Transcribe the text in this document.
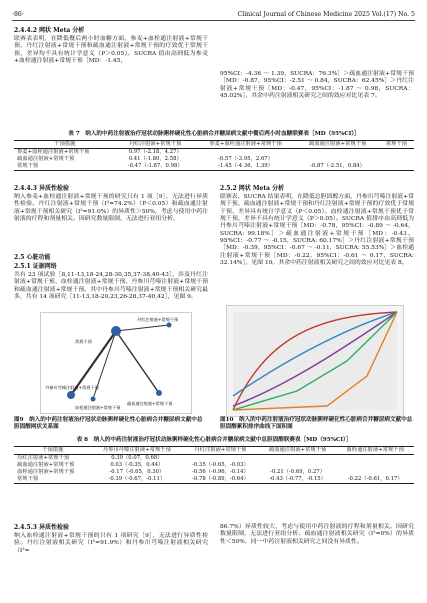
·86·	Clinical Journal of Chinese Medicine 2025 Vol.(17) No. 5

2.4.4.2 网状 Meta 分析

联赛表表明，在降低餐后两小时血糖方面，参麦+血栓通注射液+常规干预、丹红注射液+常规干预和疏血通注射液+常规干预的疗效优于常规干预，差异均不具有统计学意义（P＞0.05）。SUCRA 值由高到低为参麦+血栓通注射液+常规干预［MD：-1.45，

95%CI：-4.36 ～ 1.39，SUCRA：76.3%］＞疏血通注射液+常规干预［MD：-0.87，95%CI：-2.51 ～ 0.84，SUCRA：62.45%］＞丹红注射液+常规干预［MD：-0.47，95%CI：-1.87 ～ 0.98，SUCRA：45.02%］，其余中药注射液相关研究之间的效应对比见表 7。

表 7　纳入的中药注射液治疗冠状动脉粥样硬化性心脏病合并糖尿病文献中餐后两小时血糖联赛表［MD（95%CI）］

干预措施	丹红注射液+常规干预	参麦+血栓通注射液+常规干预	疏血通注射液+常规干预	常规干预
参麦+血栓通注射液+常规干预	0.97（-2.18，4.27）			
疏血通注射液+常规干预	0.41（-1.80，2.58）	-0.57（-3.95，2.67）		
常规干预	-0.47（-1.87，0.98）	-1.45（-4.36，1.39）	-0.87（-2.51，0.84）	

2.4.4.3 异质性检验

纳入参麦+血栓通注射液+常规干预的研究只有 1 项［9］，无法进行异质性检验。丹红注射液+常规干预（I²=74.2%）（P＜0.05）和疏血通注射液+常规干预相关研究（I²=91.0%）的异质性＞50%，考虑与使用中药注射液的疗程和剂量相关。因研究数量限制，无法进行亚组分析。

2.5 心脏功能

2.5.1 证据网络

共有 23 项试验［8,11-13,18-24,28-30,35,37-38,40-43］，涉及丹红注射液+常规干预、血栓通注射液+常规干预、丹参川芎嗪注射液+常规干预和疏血通注射液+常规干预。其中丹参川芎嗪注射液+常规干预相关研究最多，共有 14 项研究［11-13,18-20,23,26-28,37-40,42］，见图 9。

2.5.2 网状 Meta 分析

联赛表、SUCRA 结果表明，在降低总胆固醇方面，丹参川芎嗪注射液+常规干预、疏血通注射液+常规干预和丹红注射液+常规干预的疗效优于常规干预，差异具有统计学意义（P＜0.05）。血栓通注射液+常规干预优于常规干预，差异不具有统计学意义（P＞0.05）。SUCRA 值排序由高到低为丹参川芎嗪注射液+常规干预［MD：-0.78，95%CI：-0.89 ～ -0.64，SUCRA: 99.18%］＞疏血通注射液+常规干预［MD：-0.43，95%CI：-0.77 ～ -0.15，SUCRA: 60.17%］＞丹红注射液+常规干预［MD：-0.39，95%CI：-0.67 ～ -0.11，SUCRA: 55.53%］＞血栓通注射液+常规干预［MD：-0.22，95%CI：-0.61 ～ 0.17，SUCRA: 32.14%］，见图 10。其余中药注射液相关研究之间的效应对比见表 8。

丹红注射液+常规干预
常规干预
丹参川芎嗪注射液+常规干预
血栓通注射液+常规干预
疏血通注射液+常规干预

图9　纳入的中药注射液治疗冠状动脉粥样硬化性心脏病合并糖尿病文献中总胆固醇网状关系图

图10　纳入的中药注射液治疗冠状动脉粥样硬化性心脏病合并糖尿病文献中总胆固醇累积排序曲线下面积图

表 8　纳入的中药注射液治疗冠状动脉粥样硬化性心脏病合并糖尿病文献中总胆固醇联赛表［MD（95%CI）］

干预措施	丹参川芎嗪注射液+常规干预	丹红注射液+常规干预	疏血通注射液+常规干预	血栓通注射液+常规干预
丹红注射液+常规干预	0.39（0.07，0.68）			
疏血通注射液+常规干预	0.03（-0.35，0.44）	-0.35（-0.65，-0.03）		
血栓通注射液+常规干预	-0.17（-0.65，0.30）	-0.56（-0.96，-0.14）	-0.21（-0.69，0.27）	
常规干预	-0.39（-0.67，-0.11）	-0.78（-0.89，-0.64）	-0.43（-0.77，-0.15）	-0.22（-0.61，0.17）

2.4.5.3 异质性检验

纳入血栓通注射液+常规干预的只有 1 项研究［9］，无法进行异质性检验。丹红注射液相关研究（I²=91.9%）和丹参川芎嗪注射液相关研究（I²=

86.7%）异质性较大，考虑与使用中药注射液的疗程和剂量相关。因研究数量限制，无法进行亚组分析。疏血通注射液相关研究（I²=0%）的异质性＜50%，同一中药注射液相关研究之间没有异质性。
